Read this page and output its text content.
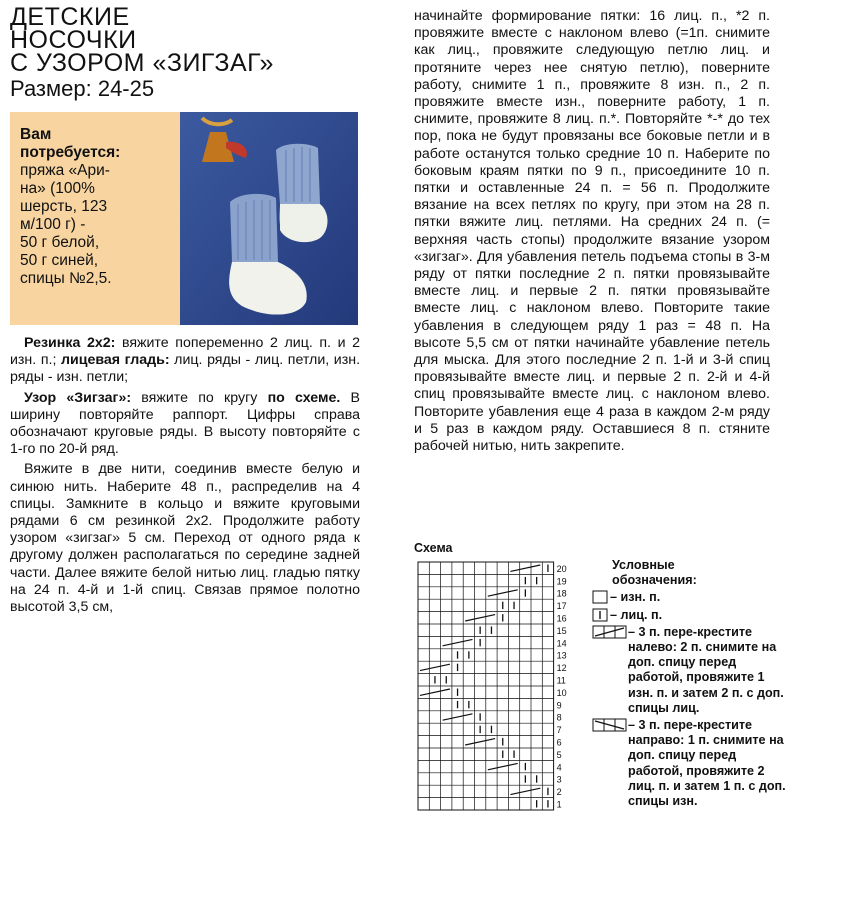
ДЕТСКИЕ
НОСОЧКИ
С УЗОРОМ «ЗИГЗАГ»
Размер: 24-25
Вам
потребуется:
пряжа «Ари-
на» (100%
шерсть, 123
м/100 г) -
50 г белой,
50 г синей,
спицы №2,5.

Резинка 2х2: вяжите попеременно 2 лиц. п. и 2 изн. п.; лицевая гладь: лиц. ряды - лиц. петли, изн. ряды - изн. петли;

Узор «Зигзаг»: вяжите по кругу по схеме. В ширину повторяйте раппорт. Цифры справа обозначают круговые ряды. В высоту повторяйте с 1-го по 20-й ряд.

Вяжите в две нити, соединив вместе белую и синюю нить. Наберите 48 п., распределив на 4 спицы. Замкните в кольцо и вяжите круговыми рядами 6 см резинкой 2х2. Продолжите работу узором «зигзаг» 5 см. Переход от одного ряда к другому должен располагаться по середине задней части. Далее вяжите белой нитью лиц. гладью пятку на 24 п. 4-й и 1-й спиц. Связав прямое полотно высотой 3,5 см,

начинайте формирование пятки: 16 лиц. п., *2 п. провяжите вместе с наклоном влево (=1п. снимите как лиц., провяжите следующую петлю лиц. и протяните через нее снятую петлю), поверните работу, снимите 1 п., провяжите 8 изн. п., 2 п. провяжите вместе изн., поверните работу, 1 п. снимите, провяжите 8 лиц. п.*. Повторяйте *-* до тех пор, пока не будут провязаны все боковые петли и в работе останутся только средние 10 п. Наберите по боковым краям пятки по 9 п., присоедините 10 п. пятки и оставленные 24 п. = 56 п. Продолжите вязание на всех петлях по кругу, при этом на 28 п. пятки вяжите лиц. петлями. На средних 24 п. (= верхняя часть стопы) продолжите вязание узором «зигзаг». Для убавления петель подъема стопы в 3-м ряду от пятки последние 2 п. пятки провязывайте вместе лиц. и первые 2 п. пятки провязывайте вместе лиц. с наклоном влево. Повторите такие убавления в следующем ряду 1 раз = 48 п. На высоте 5,5 см от пятки начинайте убавление петель для мыска. Для этого последние 2 п. 1-й и 3-й спиц провязывайте вместе лиц. и первые 2 п. 2-й и 4-й спиц провязывайте вместе лиц. с наклоном влево. Повторите убавления еще 4 раза в каждом 2-м ряду и 5 раз в каждом ряду. Оставшиеся 8 п. стяните рабочей нитью, нить закрепите.

Схема
20
19
18
17
16
15
14
13
12
11
10
9
8
7
6
5
4
3
2
1
Условные
обозначения:
– изн. п.
– лиц. п.
– 3 п. пере-крестите налево: 2 п. снимите на доп. спицу перед работой, провяжите 1 изн. п. и затем 2 п. с доп. спицы лиц.
– 3 п. пере-крестите направо: 1 п. снимите на доп. спицу перед работой, провяжите 2 лиц. п. и затем 1 п. с доп. спицы изн.
